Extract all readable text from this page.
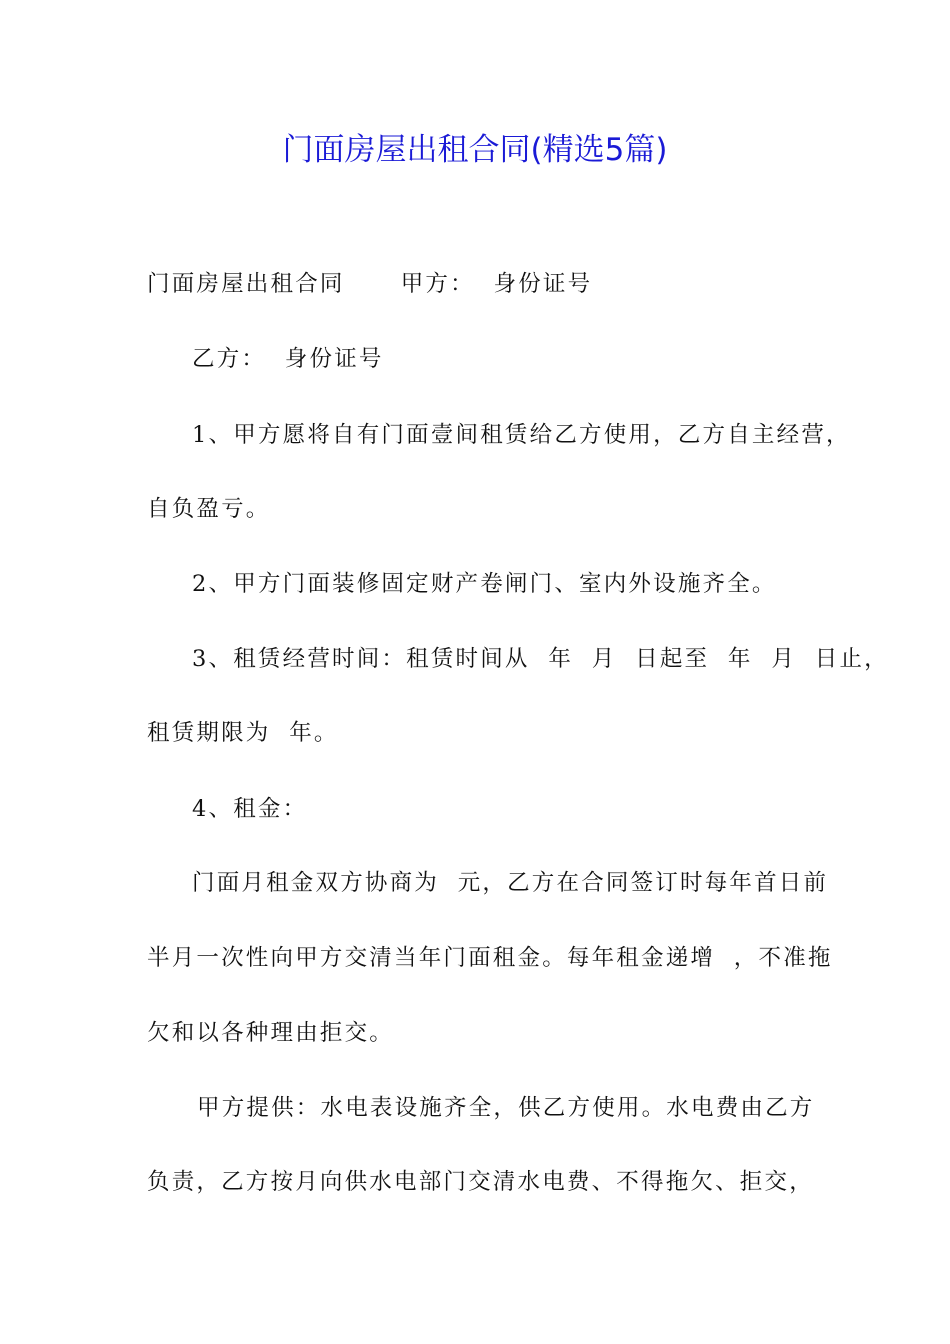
门面房屋出租合同(精选5篇)
门面房屋出租合同      甲方：  身份证号
乙方：  身份证号
1、甲方愿将自有门面壹间租赁给乙方使用，乙方自主经营，
自负盈亏。
2、甲方门面装修固定财产卷闸门、室内外设施齐全。
3、租赁经营时间：租赁时间从  年  月  日起至  年  月  日止，
租赁期限为  年。
4、租金：
门面月租金双方协商为  元，乙方在合同签订时每年首日前
半月一次性向甲方交清当年门面租金。每年租金递增  ，不准拖
欠和以各种理由拒交。
甲方提供：水电表设施齐全，供乙方使用。水电费由乙方
负责，乙方按月向供水电部门交清水电费、不得拖欠、拒交，
